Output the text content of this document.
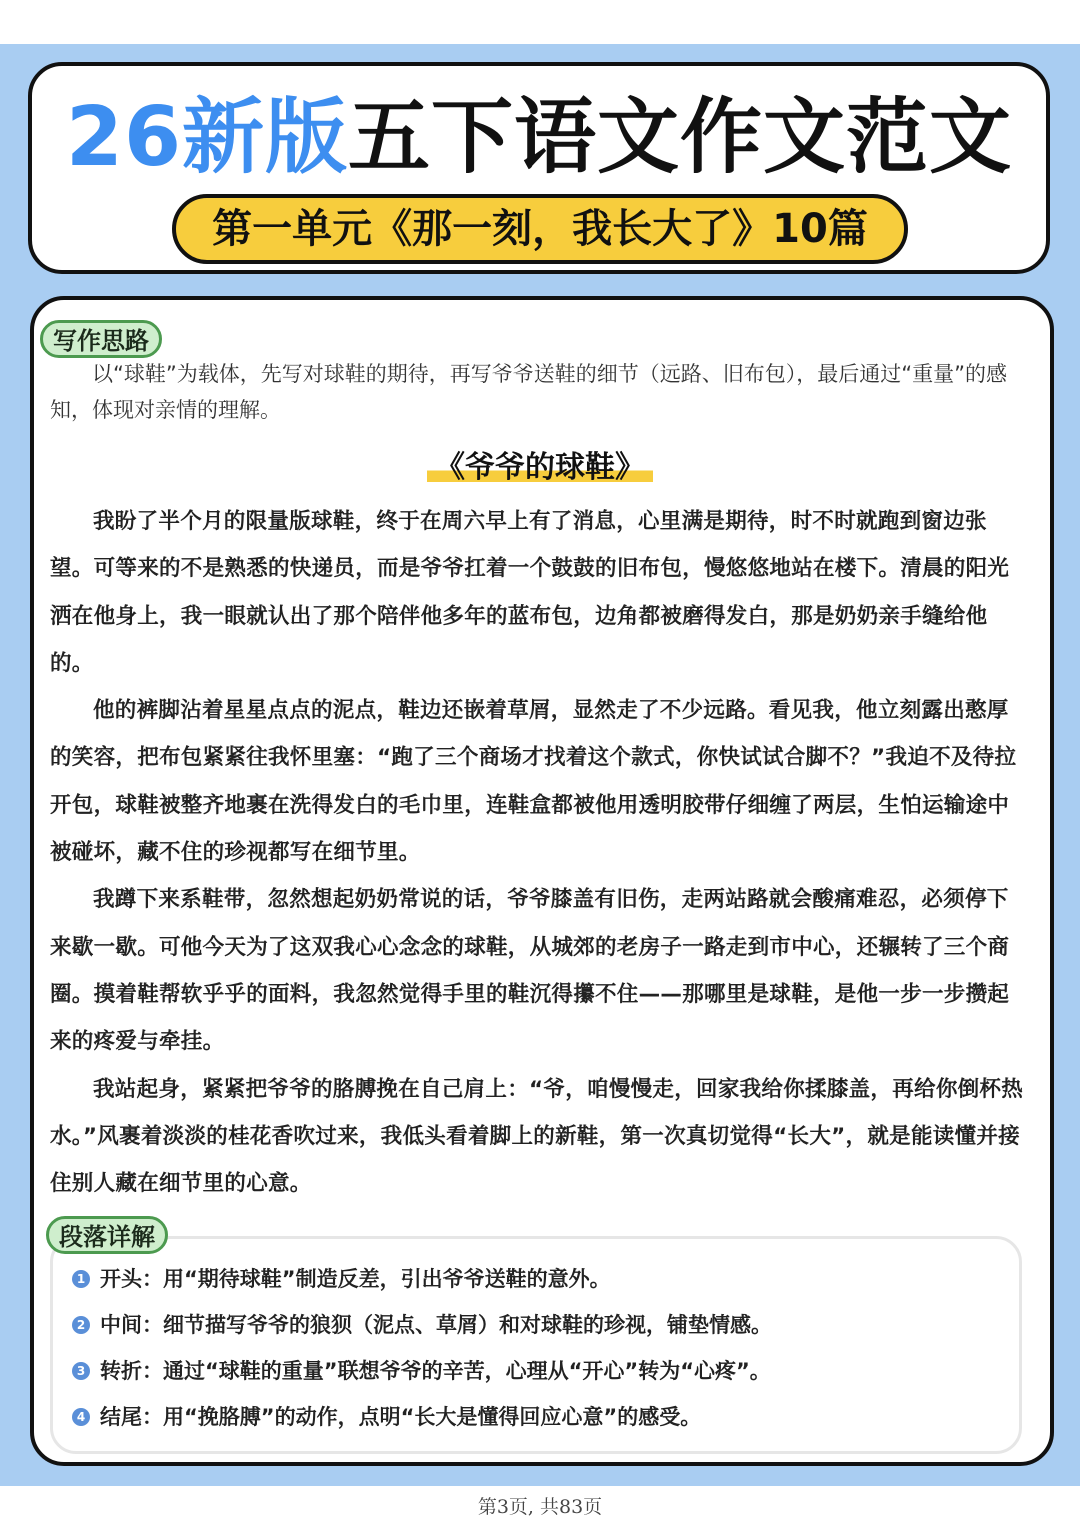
26新版五下语文作文范文
第一单元《那一刻，我长大了》10篇
写作思路
以“球鞋”为载体，先写对球鞋的期待，再写爷爷送鞋的细节（远路、旧布包），最后通过“重量”的感知，体现对亲情的理解。
《爷爷的球鞋》

我盼了半个月的限量版球鞋，终于在周六早上有了消息，心里满是期待，时不时就跑到窗边张望。可等来的不是熟悉的快递员，而是爷爷扛着一个鼓鼓的旧布包，慢悠悠地站在楼下。清晨的阳光洒在他身上，我一眼就认出了那个陪伴他多年的蓝布包，边角都被磨得发白，那是奶奶亲手缝给他的。

他的裤脚沾着星星点点的泥点，鞋边还嵌着草屑，显然走了不少远路。看见我，他立刻露出憨厚的笑容，把布包紧紧往我怀里塞：“跑了三个商场才找着这个款式，你快试试合脚不？”我迫不及待拉开包，球鞋被整齐地裹在洗得发白的毛巾里，连鞋盒都被他用透明胶带仔细缠了两层，生怕运输途中被碰坏，藏不住的珍视都写在细节里。

我蹲下来系鞋带，忽然想起奶奶常说的话，爷爷膝盖有旧伤，走两站路就会酸痛难忍，必须停下来歇一歇。可他今天为了这双我心心念念的球鞋，从城郊的老房子一路走到市中心，还辗转了三个商圈。摸着鞋帮软乎乎的面料，我忽然觉得手里的鞋沉得攥不住——那哪里是球鞋，是他一步一步攒起来的疼爱与牵挂。

我站起身，紧紧把爷爷的胳膊挽在自己肩上：“爷，咱慢慢走，回家我给你揉膝盖，再给你倒杯热水。”风裹着淡淡的桂花香吹过来，我低头看着脚上的新鞋，第一次真切觉得“长大”，就是能读懂并接住别人藏在细节里的心意。

段落详解
1 开头：用“期待球鞋”制造反差，引出爷爷送鞋的意外。
2 中间：细节描写爷爷的狼狈（泥点、草屑）和对球鞋的珍视，铺垫情感。
3 转折：通过“球鞋的重量”联想爷爷的辛苦，心理从“开心”转为“心疼”。
4 结尾：用“挽胳膊”的动作，点明“长大是懂得回应心意”的感受。
第3页, 共83页
